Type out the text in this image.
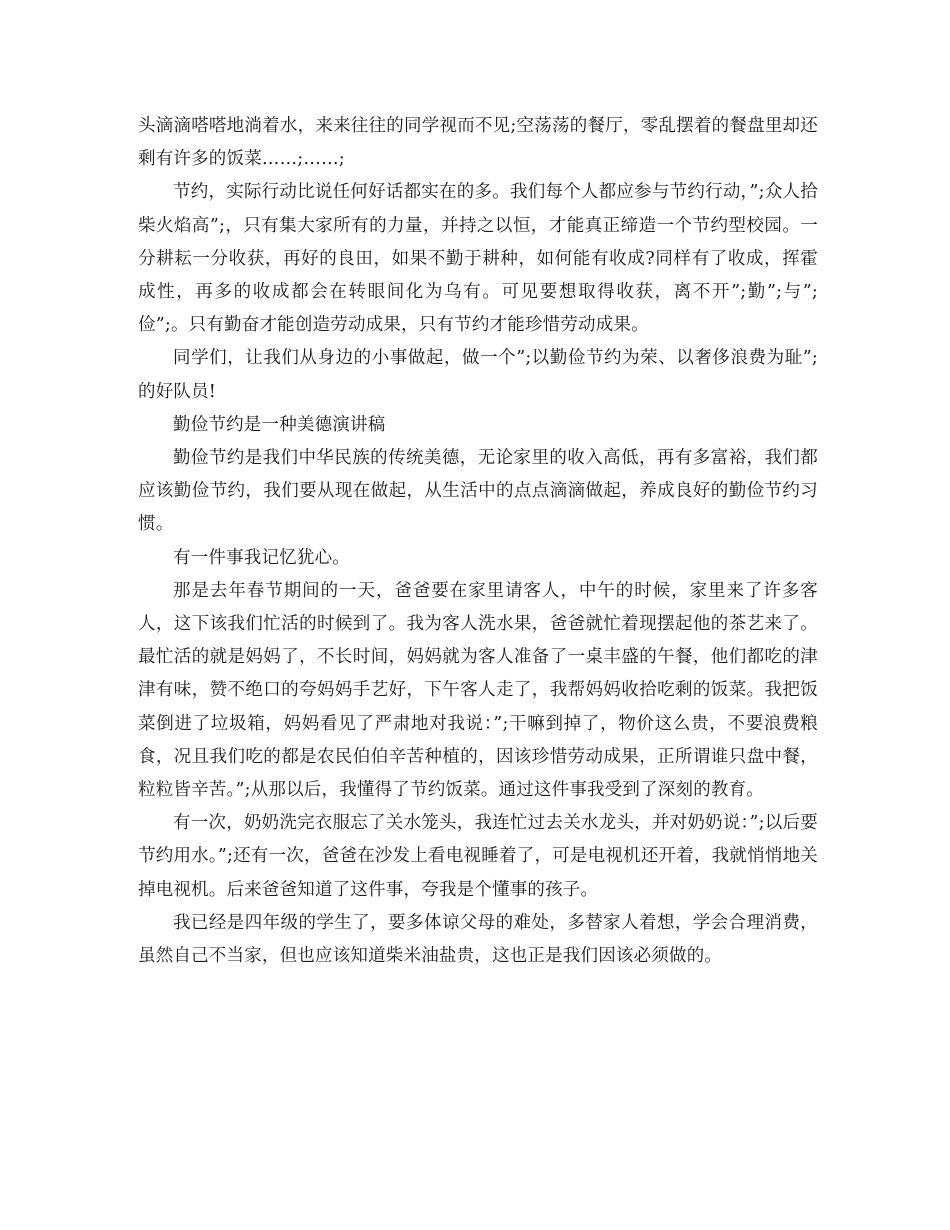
头滴滴嗒嗒地淌着水，来来往往的同学视而不见;空荡荡的餐厅，零乱摆着的餐盘里却还剩有许多的饭菜……;……;

节约，实际行动比说任何好话都实在的多。我们每个人都应参与节约行动，”;众人拾柴火焰高”;，只有集大家所有的力量，并持之以恒，才能真正缔造一个节约型校园。一分耕耘一分收获，再好的良田，如果不勤于耕种，如何能有收成?同样有了收成，挥霍成性，再多的收成都会在转眼间化为乌有。可见要想取得收获，离不开”;勤”;与”;俭”;。只有勤奋才能创造劳动成果，只有节约才能珍惜劳动成果。

同学们，让我们从身边的小事做起，做一个”;以勤俭节约为荣、以奢侈浪费为耻”;的好队员!

勤俭节约是一种美德演讲稿

勤俭节约是我们中华民族的传统美德，无论家里的收入高低，再有多富裕，我们都应该勤俭节约，我们要从现在做起，从生活中的点点滴滴做起，养成良好的勤俭节约习惯。

有一件事我记忆犹心。

那是去年春节期间的一天，爸爸要在家里请客人，中午的时候，家里来了许多客人，这下该我们忙活的时候到了。我为客人洗水果，爸爸就忙着现摆起他的茶艺来了。最忙活的就是妈妈了，不长时间，妈妈就为客人准备了一桌丰盛的午餐，他们都吃的津津有味，赞不绝口的夸妈妈手艺好，下午客人走了，我帮妈妈收拾吃剩的饭菜。我把饭菜倒进了垃圾箱，妈妈看见了严肃地对我说：”;干嘛到掉了，物价这么贵，不要浪费粮食，况且我们吃的都是农民伯伯辛苦种植的，因该珍惜劳动成果，正所谓谁只盘中餐，粒粒皆辛苦。”;从那以后，我懂得了节约饭菜。通过这件事我受到了深刻的教育。

有一次，奶奶洗完衣服忘了关水笼头，我连忙过去关水龙头，并对奶奶说：”;以后要节约用水。”;还有一次，爸爸在沙发上看电视睡着了，可是电视机还开着，我就悄悄地关掉电视机。后来爸爸知道了这件事，夸我是个懂事的孩子。

我已经是四年级的学生了，要多体谅父母的难处，多替家人着想，学会合理消费，虽然自己不当家，但也应该知道柴米油盐贵，这也正是我们因该必须做的。
